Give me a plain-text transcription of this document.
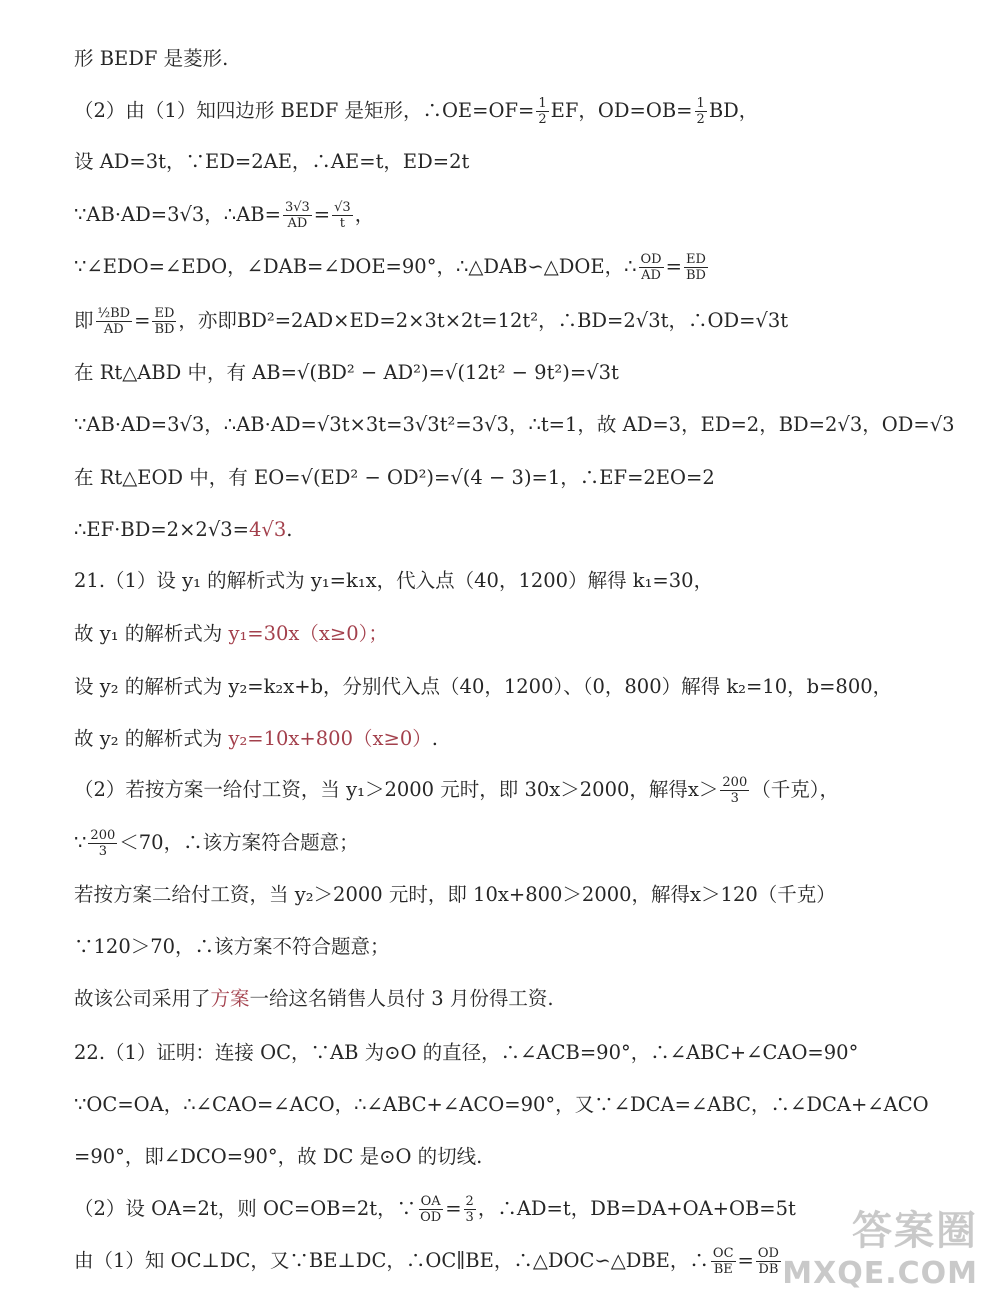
形 BEDF 是菱形.
（2）由（1）知四边形 BEDF 是矩形，∴OE=OF= $\frac{1}{2}$ EF，$OD=OB= \frac{1}{2}$ BD，
设 AD=3t，∵ED=2AE，∴AE=t，ED=2t
∵AB·AD=3√3，∴AB= $\frac{3√3}{AD} = \frac{√3}{t}$ ，
∵∠EDO=∠EDO，∠DAB=∠DOE=90°，∴△DAB∽△DOE，∴ $\frac{OD}{AD} = \frac{ED}{BD}$
即 $\frac{\text{½BD}}{AD} = \frac{ED}{BD}$ ，亦即BD²=2AD×ED=2×3t×2t=12t²，∴BD=2√3t，∴OD=√3t
在 Rt△ABD 中，有 AB=√(BD² − AD²)=√(12t² − 9t²)=√3t
∵AB·AD=3√3，∴AB·AD=√3t×3t=3√3t²=3√3，∴t=1，故 AD=3，ED=2，BD=2√3，OD=√3
在 Rt△EOD 中，有 EO=√(ED² − OD²)=√(4 − 3)=1，∴EF=2EO=2
∴EF·BD=2×2√3=4√3.
21.（1）设 y₁ 的解析式为 y₁=k₁x，代入点（40，1200）解得 k₁=30，
故 y₁ 的解析式为 y₁=30x（x≥0）；
设 y₂ 的解析式为 y₂=k₂x+b，分别代入点（40，1200）、（0，800）解得 k₂=10，b=800，
故 y₂ 的解析式为 y₂=10x+800（x≥0）.
（2）若按方案一给付工资，当 y₁＞2000 元时，即 30x＞2000，解得$x> \frac{200}{3}$ （千克），
∵ $\frac{200}{3} <70$，∴该方案符合题意；
若按方案二给付工资，当 y₂＞2000 元时，即 10x+800＞2000，解得x＞120（千克）
∵120＞70，∴该方案不符合题意；
故该公司采用了方案一给这名销售人员付 3 月份得工资.
22.（1）证明：连接 OC，∵AB 为⊙O 的直径，∴∠ACB=90°，∴∠ABC+∠CAO=90°
∵OC=OA，∴∠CAO=∠ACO，∴∠ABC+∠ACO=90°，又∵∠DCA=∠ABC，∴∠DCA+∠ACO
=90°，即∠DCO=90°，故 DC 是⊙O 的切线.
（2）设 OA=2t，则 OC=OB=2t，∵ $\frac{OA}{OD} = \frac{2}{3}$ ，∴AD=t，DB=DA+OA+OB=5t
由（1）知 OC⊥DC，又∵BE⊥DC，∴OC∥BE，∴△DOC∽△DBE，∴ $\frac{OC}{BE} = \frac{OD}{DB}$
答案圈
MXQE.COM
